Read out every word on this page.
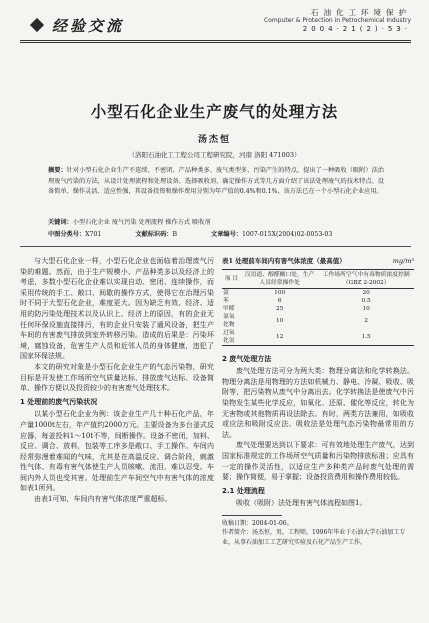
经验交流
石油化工环境保护
Computer & Protection in Petrochemical Industry
2004·21(2)·53·
小型石化企业生产废气的处理方法
汤杰恒
（洛阳石油化工工程公司工程研究院，河南 洛阳 471003）
摘要：针对小型石化企业生产不连续、不密闭、产品种类多、废气类型多、污染产生的特点，提出了一种吸收（吸附）法治理废气污染的方法，从设计处理流程和处理设备、选择吸收剂、确定操作方式等几方面介绍了该法处理废气的技术特点、设备简单、操作灵活、适应性强，其设备投资和操作费用分别为年产值的0.4%和0.1%，该方法已在一个小型石化企业应用。
关键词：小型石化企业 废气污染 处理流程 操作方式 吸收剂
中图分类号：X701	文献标识码：B	文章编号：1007-015X(2004)02-0053-03

与大型石化企业一样，小型石化企业也面临着治理废气污染的难题。然而，由于生产规模小、产品种类多以及经济上的考虑，多数小型石化企业难以实现自动、密闭、连续操作，而采用传统的手工、敞口、间歇的操作方式，使得它在治理污染时不同于大型石化企业，难度更大。因为缺乏有效、经济、适用的防污染处理技术以及认识上、经济上的原因，有的企业无任何环保设施直接排污，有的企业只安装了通风设备，把生产车间的有害废气排放到室外转移污染。造成的后果是：污染环境，腐蚀设备，危害生产人员和近邻人员的身体健康，违犯了国家环保法规。

本文的研究对象是小型石化企业生产的气态污染物，研究目标是开发使工作场所空气质量达标、排放废气达标、设备简单、操作方便以及投资较少的有害废气处理技术。

1 处理前的废气污染状况

以某小型石化企业为例：该企业生产几十种石化产品，年产量1000t左右，年产值约2000万元。主要设备为多台釜式反应器，每釜投料1～10t不等，间断操作。设备不密闭，加料、反应、调合、放料，包装等工序多是敞口、手工操作。车间内经常弥漫着难闻的气味，尤其是在高温反应、调合阶段，刺激性气体、有毒有害气体使生产人员咳嗽、流泪，难以忍受。车间内外人员也受其害。处理前生产车间空气中有害气体的浓度如表1所列。

由表1可知，车间内有害气体浓度严重超标。

表1 处理前车间内有害气体浓度（最高值）	mg/m³
项 目	汉语道、醇醛酸口处，生产人员经常操作处	工作场所空气中有毒物质浓度控制（GBZ 2-2002）
氨	100	20
苯	6	0.5
甲醛	25	10
氮氧化物	10	2
过氧化氢	12	1.5
2 废气处理方法

废气处理方法可分为两大类：物理分离法和化学转换法。物理分离法是用物理的方法如机械力、静电、冷凝、吸收、吸附等，把污染物从废气中分离出去。化学转换法是使废气中污染物发生某些化学反应，如氧化、还原、催化等反应，转化为无害物或其他物质再设法除去。有时，两类方法兼用，如吸收或应法和吸附反应法。吸收法是处理气态污染物最常用的方法。

废气处理要达到以下要求：可有效地处理生产废气，达到国家标准规定的工作场所空气质量和污染物排放标准；应具有一定的操作灵活性，以适应生产多种类产品时废气处理的需要；操作简便，易于掌握；设备投资费用和操作费用较低。

2.1 处理流程

吸收（吸附）法处理有害气体流程如图1。

收稿日期：2004-01-06。

作者简介：汤杰恒，男，工程师，1996年毕业于石油大学石油加工专业，从事石油加工工艺研究实验及石化产品生产工作。
